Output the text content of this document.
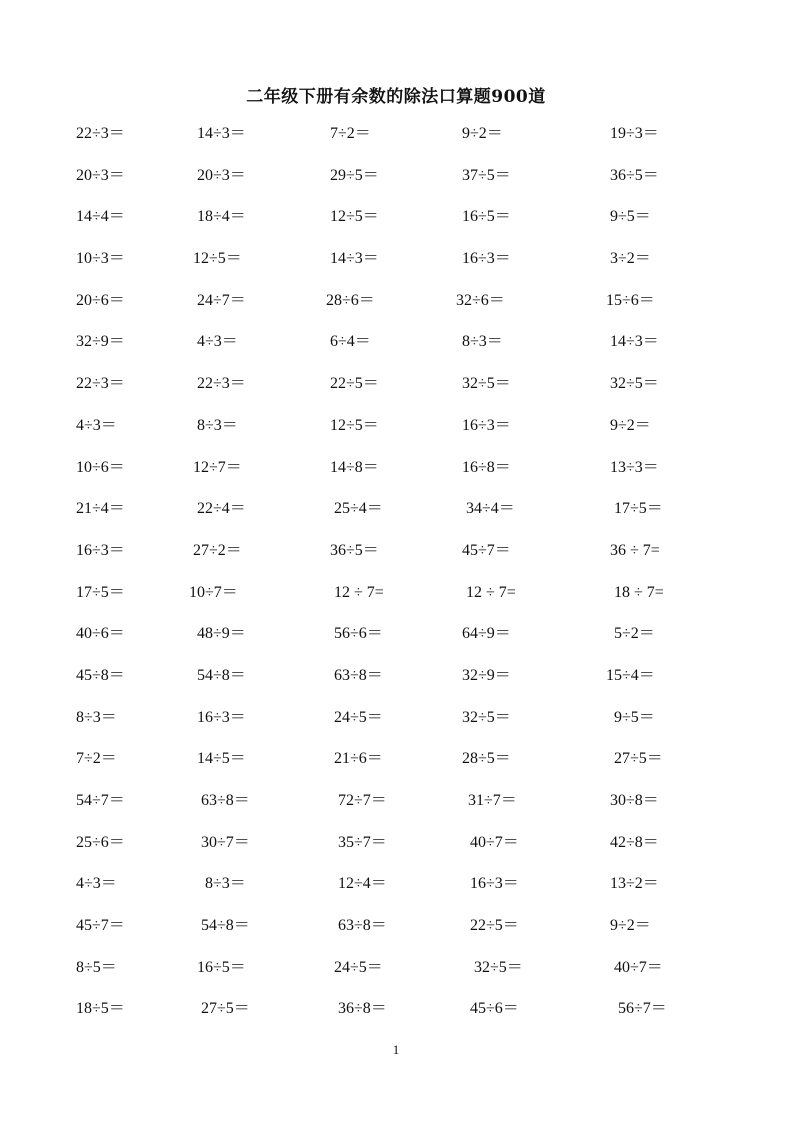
二年级下册有余数的除法口算题900道
22÷3＝	14÷3＝	7÷2＝	9÷2＝	19÷3＝
20÷3＝	20÷3＝	29÷5＝	37÷5＝	36÷5＝
14÷4＝	18÷4＝	12÷5＝	16÷5＝	9÷5＝
10÷3＝	12÷5＝	14÷3＝	16÷3＝	3÷2＝
20÷6＝	24÷7＝	28÷6＝	32÷6＝	15÷6＝
32÷9＝	4÷3＝	6÷4＝	8÷3＝	14÷3＝
22÷3＝	22÷3＝	22÷5＝	32÷5＝	32÷5＝
4÷3＝	8÷3＝	12÷5＝	16÷3＝	9÷2＝
10÷6＝	12÷7＝	14÷8＝	16÷8＝	13÷3＝
21÷4＝	22÷4＝	25÷4＝	34÷4＝	17÷5＝
16÷3＝	27÷2＝	36÷5＝	45÷7＝	36 ÷ 7=
17÷5＝	10÷7＝	12 ÷ 7=	12 ÷ 7=	18 ÷ 7=
40÷6＝	48÷9＝	56÷6＝	64÷9＝	5÷2＝
45÷8＝	54÷8＝	63÷8＝	32÷9＝	15÷4＝
8÷3＝	16÷3＝	24÷5＝	32÷5＝	9÷5＝
7÷2＝	14÷5＝	21÷6＝	28÷5＝	27÷5＝
54÷7＝	63÷8＝	72÷7＝	31÷7＝	30÷8＝
25÷6＝	30÷7＝	35÷7＝	40÷7＝	42÷8＝
4÷3＝	8÷3＝	12÷4＝	16÷3＝	13÷2＝
45÷7＝	54÷8＝	63÷8＝	22÷5＝	9÷2＝
8÷5＝	16÷5＝	24÷5＝	32÷5＝	40÷7＝
18÷5＝	27÷5＝	36÷8＝	45÷6＝	56÷7＝
1
